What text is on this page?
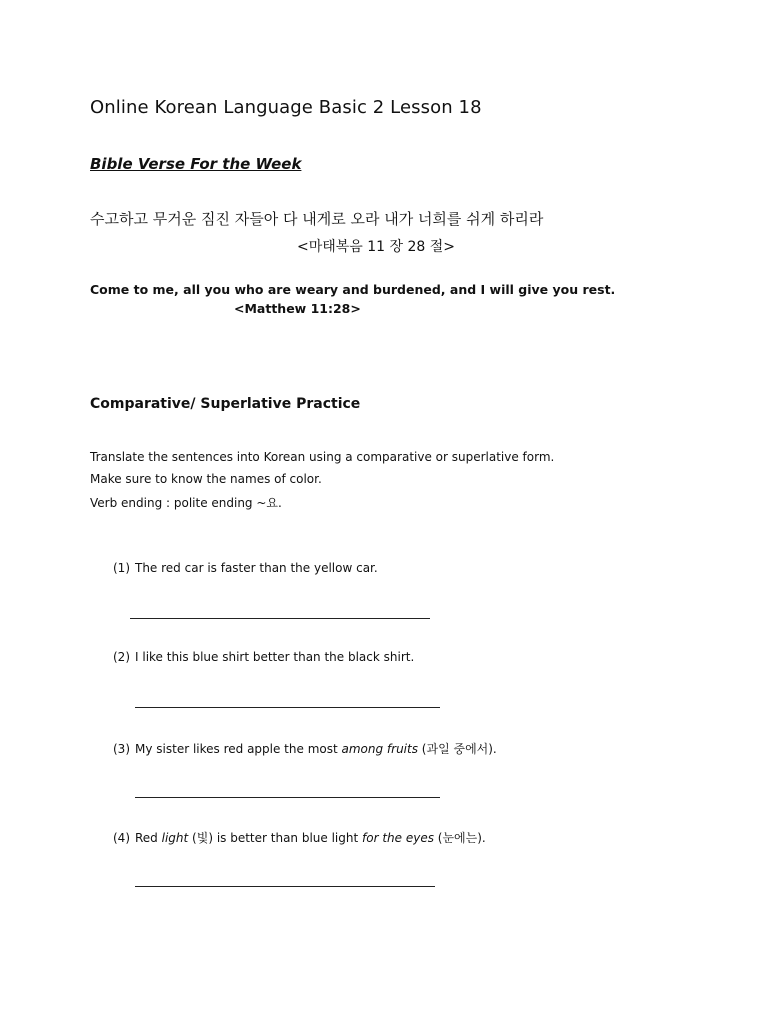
Online Korean Language Basic 2 Lesson 18
Bible Verse For the Week
수고하고 무거운 짐진 자들아 다 내게로 오라 내가 너희를 쉬게 하리라
<마태복음 11 장 28 절>
Come to me, all you who are weary and burdened, and I will give you rest.
<Matthew 11:28>
Comparative/ Superlative Practice
Translate the sentences into Korean using a comparative or superlative form.
Make sure to know the names of color.
Verb ending : polite ending ~요.
(1) The red car is faster than the yellow car.
(2) I like this blue shirt better than the black shirt.
(3) My sister likes red apple the most among fruits (과일 중에서).
(4) Red light (빛) is better than blue light for the eyes (눈에는).
